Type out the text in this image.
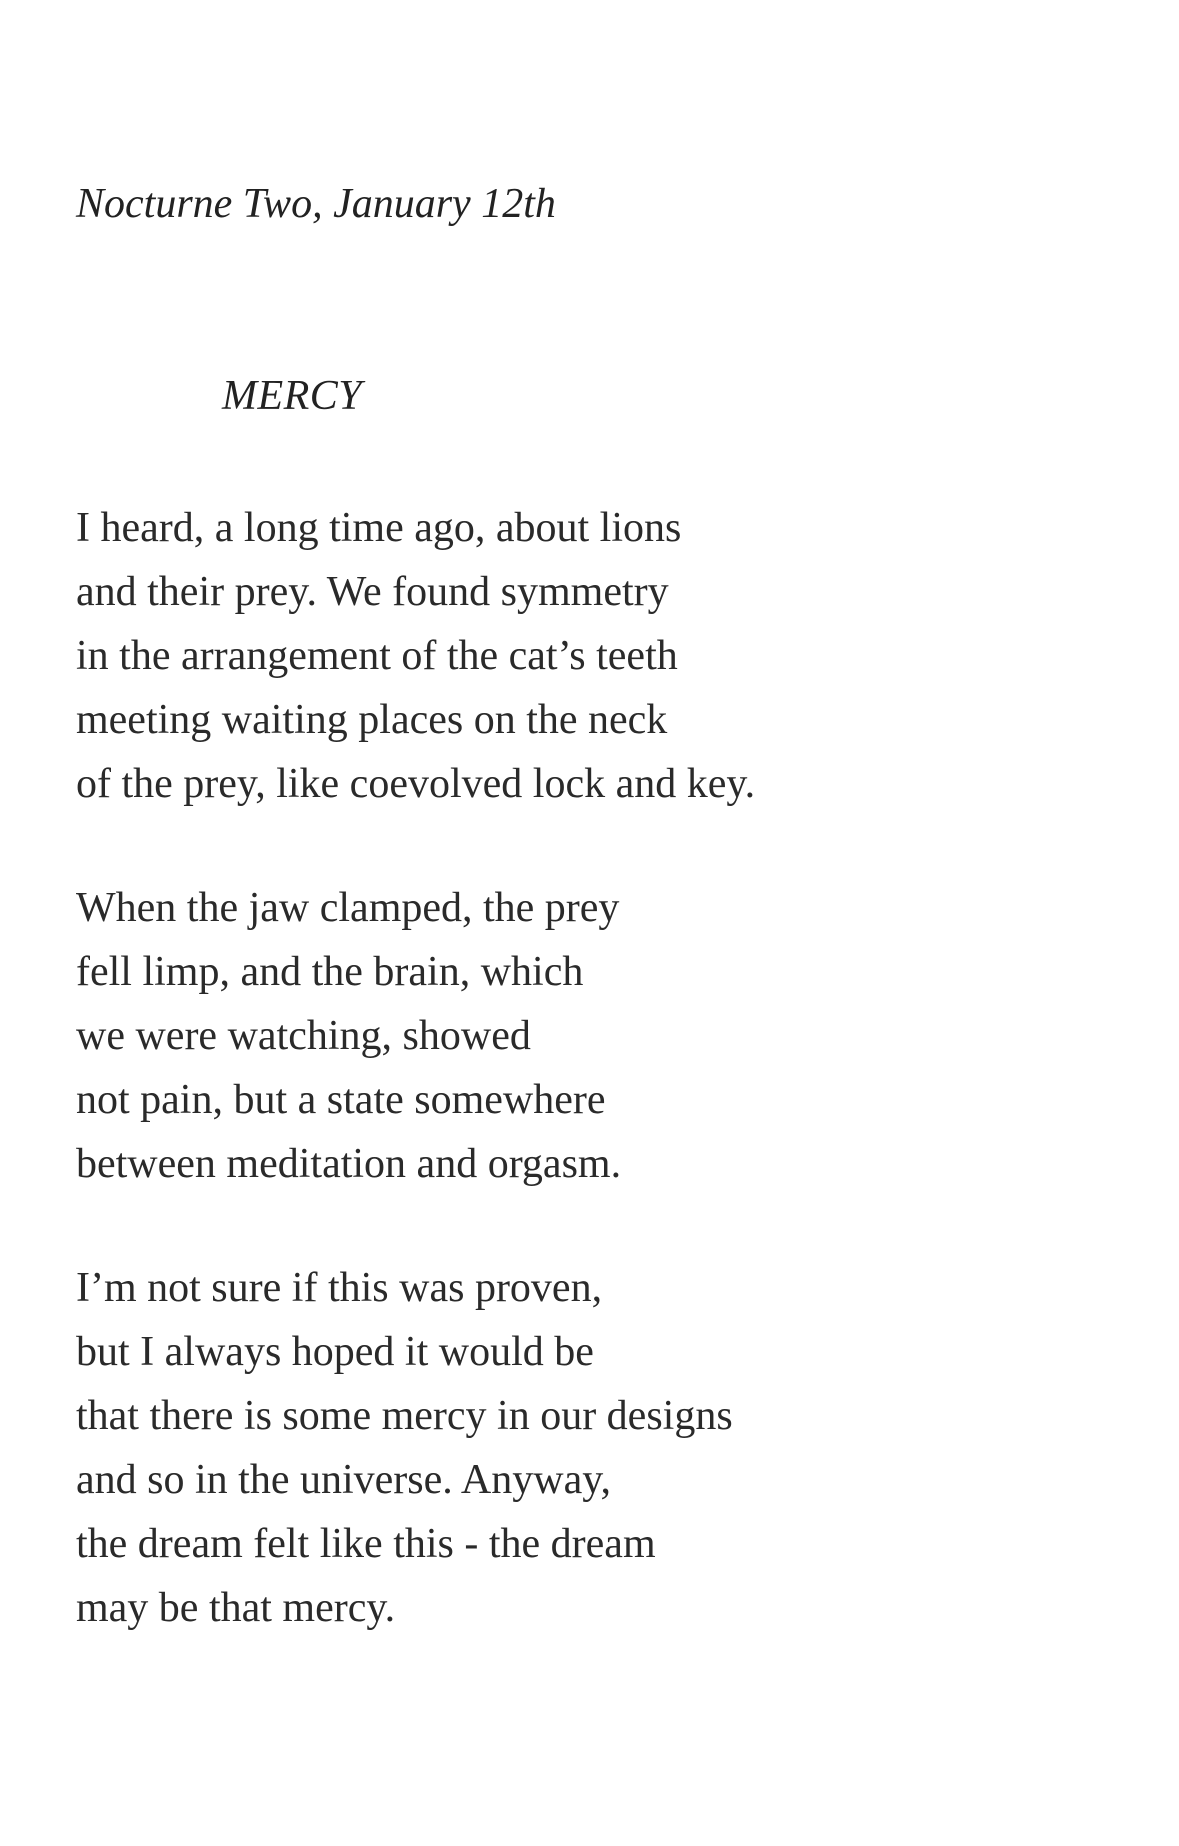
Nocturne Two, January 12th
MERCY
I heard, a long time ago, about lions
and their prey. We found symmetry
in the arrangement of the cat’s teeth
meeting waiting places on the neck
of the prey, like coevolved lock and key.
When the jaw clamped, the prey
fell limp, and the brain, which
we were watching, showed
not pain, but a state somewhere
between meditation and orgasm.
I’m not sure if this was proven,
but I always hoped it would be
that there is some mercy in our designs
and so in the universe. Anyway,
the dream felt like this - the dream
may be that mercy.
